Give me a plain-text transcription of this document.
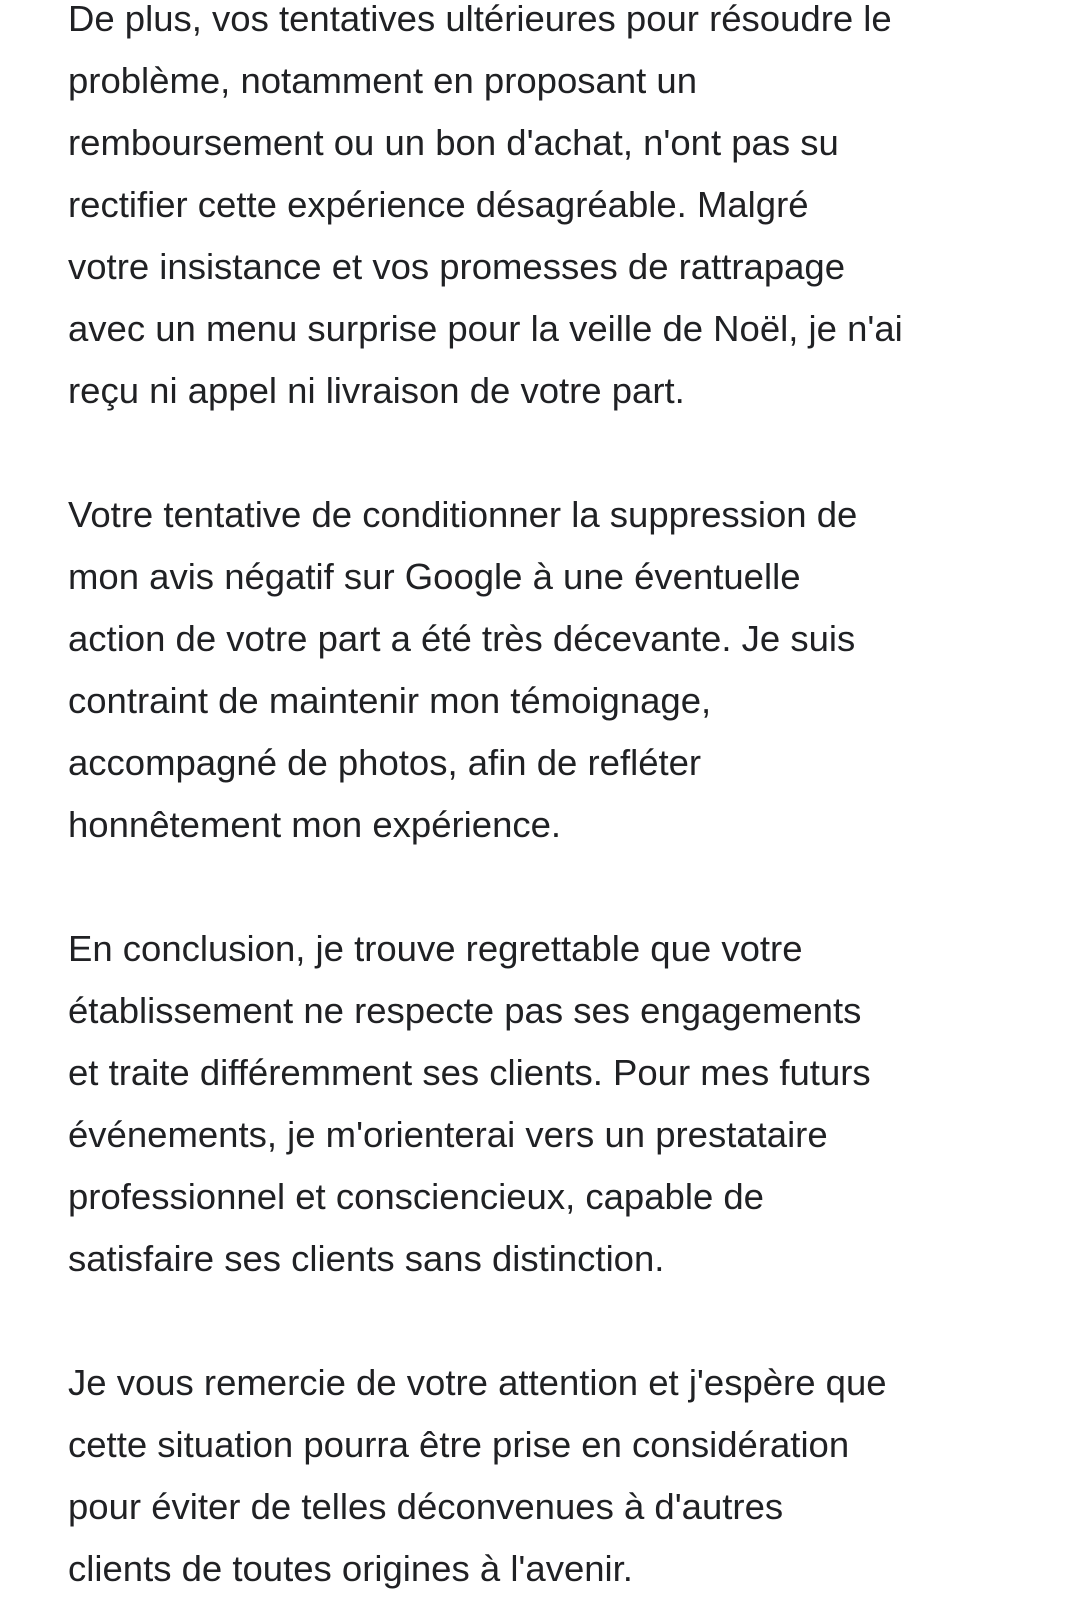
De plus, vos tentatives ultérieures pour résoudre le
problème, notamment en proposant un
remboursement ou un bon d'achat, n'ont pas su
rectifier cette expérience désagréable. Malgré
votre insistance et vos promesses de rattrapage
avec un menu surprise pour la veille de Noël, je n'ai
reçu ni appel ni livraison de votre part.

Votre tentative de conditionner la suppression de
mon avis négatif sur Google à une éventuelle
action de votre part a été très décevante. Je suis
contraint de maintenir mon témoignage,
accompagné de photos, afin de refléter
honnêtement mon expérience.

En conclusion, je trouve regrettable que votre
établissement ne respecte pas ses engagements
et traite différemment ses clients. Pour mes futurs
événements, je m'orienterai vers un prestataire
professionnel et consciencieux, capable de
satisfaire ses clients sans distinction.

Je vous remercie de votre attention et j'espère que
cette situation pourra être prise en considération
pour éviter de telles déconvenues à d'autres
clients de toutes origines à l'avenir.
